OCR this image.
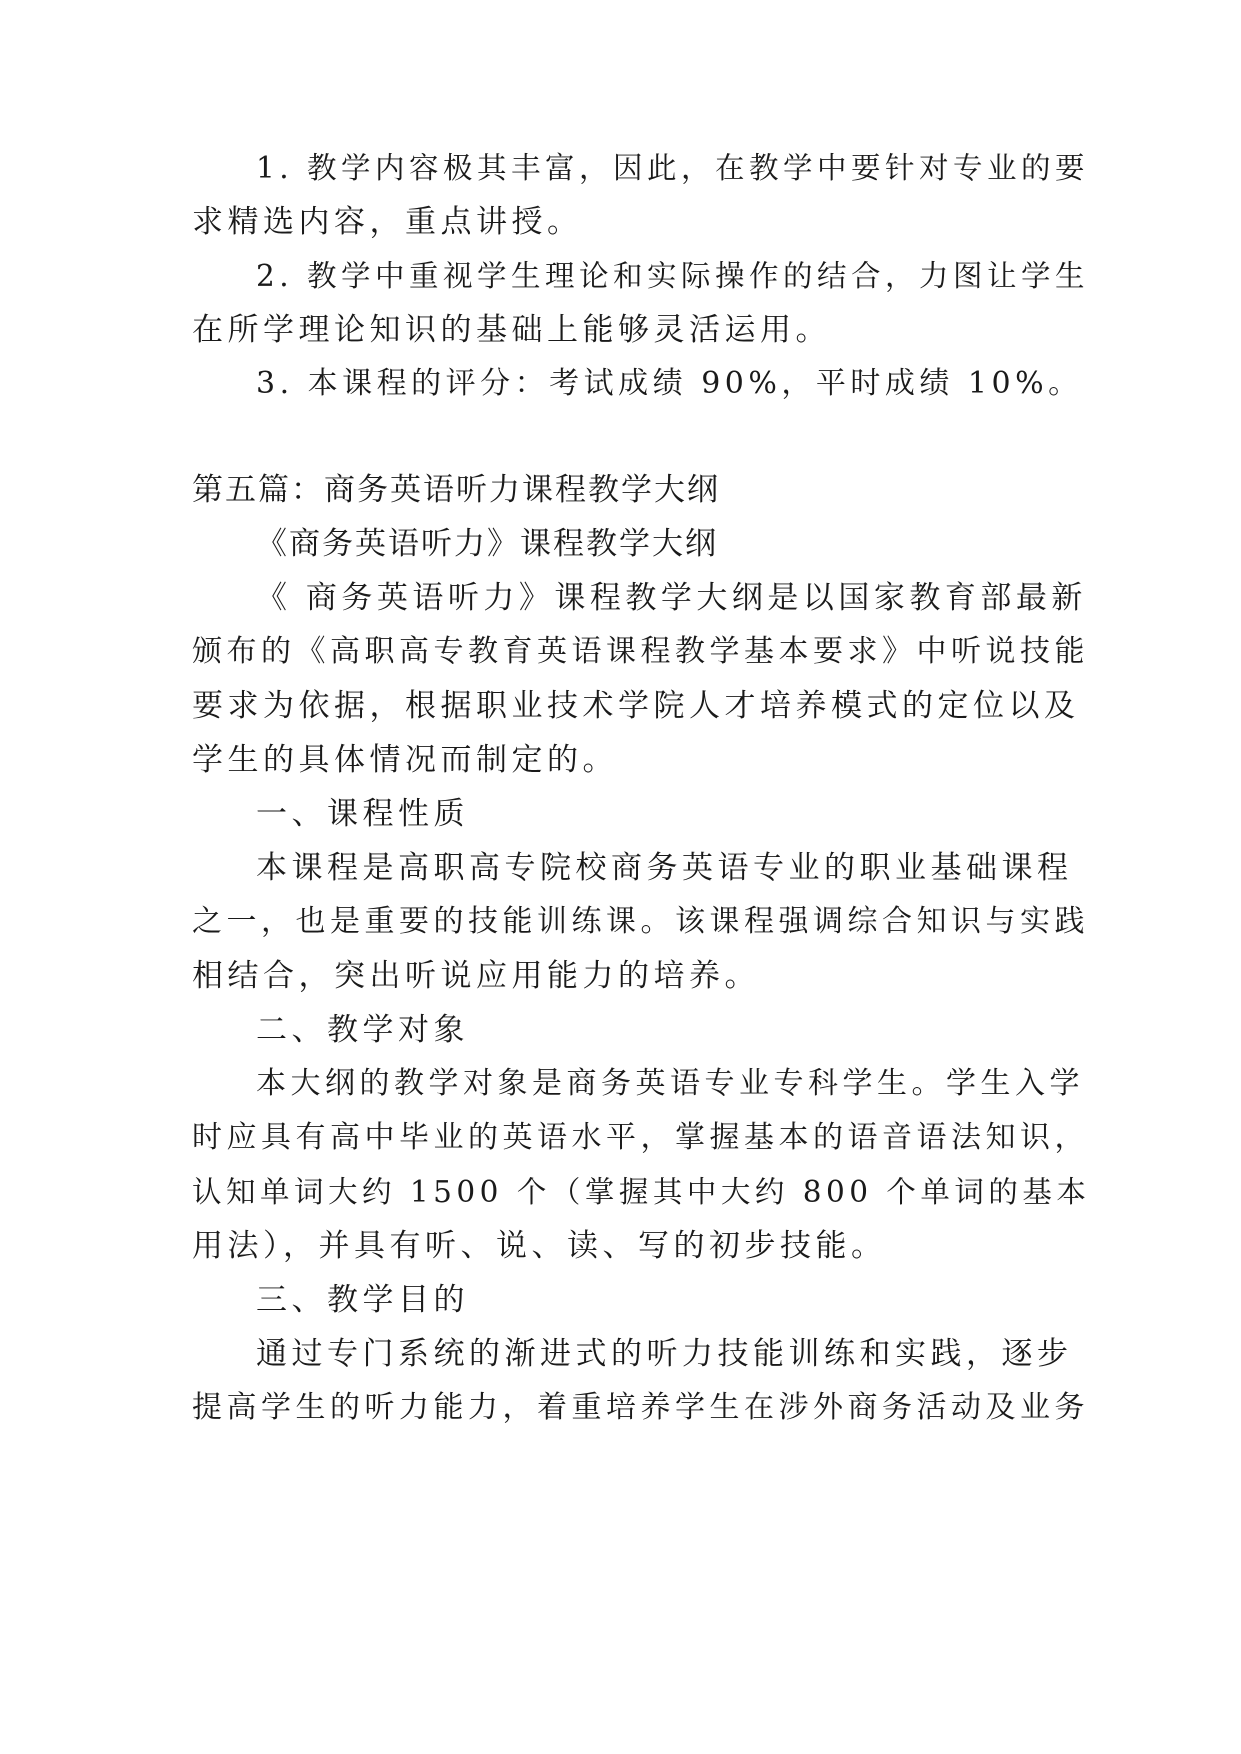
1. 教学内容极其丰富，因此，在教学中要针对专业的要
求精选内容，重点讲授。
2. 教学中重视学生理论和实际操作的结合，力图让学生
在所学理论知识的基础上能够灵活运用。
3. 本课程的评分：考试成绩 90%，平时成绩 10%。
第五篇：商务英语听力课程教学大纲
《商务英语听力》课程教学大纲
《 商务英语听力》课程教学大纲是以国家教育部最新
颁布的《高职高专教育英语课程教学基本要求》中听说技能
要求为依据，根据职业技术学院人才培养模式的定位以及
学生的具体情况而制定的。
一、课程性质
本课程是高职高专院校商务英语专业的职业基础课程
之一，也是重要的技能训练课。该课程强调综合知识与实践
相结合，突出听说应用能力的培养。
二、教学对象
本大纲的教学对象是商务英语专业专科学生。学生入学
时应具有高中毕业的英语水平，掌握基本的语音语法知识，
认知单词大约 1500 个（掌握其中大约 800 个单词的基本
用法），并具有听、说、读、写的初步技能。
三、教学目的
通过专门系统的渐进式的听力技能训练和实践，逐步
提高学生的听力能力，着重培养学生在涉外商务活动及业务
